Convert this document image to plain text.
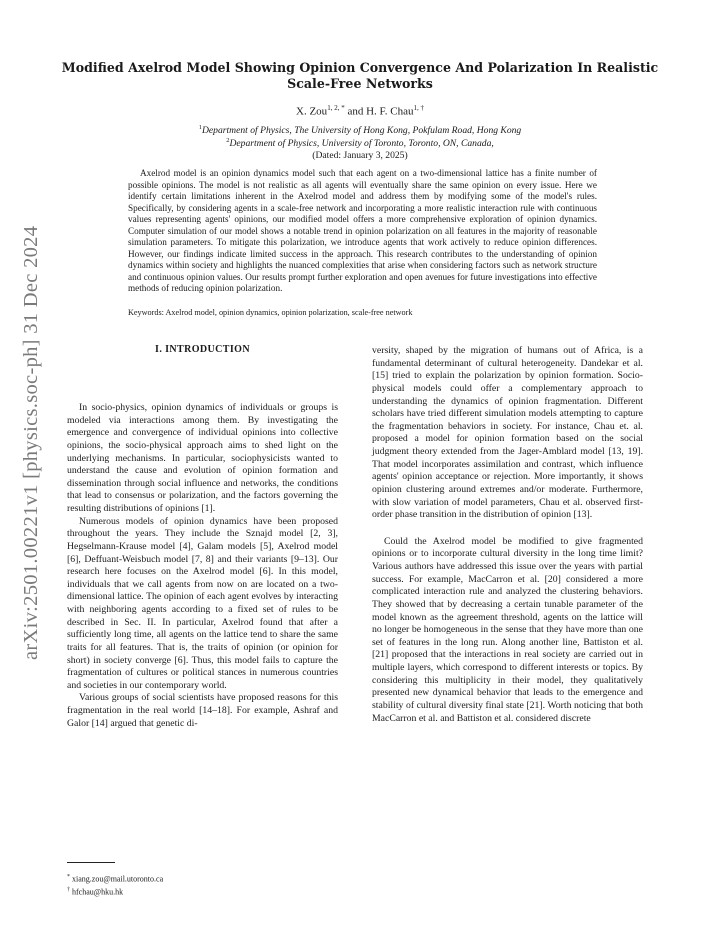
arXiv:2501.00221v1 [physics.soc-ph] 31 Dec 2024
Modified Axelrod Model Showing Opinion Convergence And Polarization In Realistic Scale-Free Networks
X. Zou$^{1, 2, *}$ and H. F. Chau$^{1, \dagger}$
$^1$Department of Physics, The University of Hong Kong, Pokfulam Road, Hong Kong
$^2$Department of Physics, University of Toronto, Toronto, ON, Canada,
(Dated: January 3, 2025)
Axelrod model is an opinion dynamics model such that each agent on a two-dimensional lattice has a finite number of possible opinions. The model is not realistic as all agents will eventually share the same opinion on every issue. Here we identify certain limitations inherent in the Axelrod model and address them by modifying some of the model's rules. Specifically, by considering agents in a scale-free network and incorporating a more realistic interaction rule with continuous values representing agents' opinions, our modified model offers a more comprehensive exploration of opinion dynamics. Computer simulation of our model shows a notable trend in opinion polarization on all features in the majority of reasonable simulation parameters. To mitigate this polarization, we introduce agents that work actively to reduce opinion differences. However, our findings indicate limited success in the approach. This research contributes to the understanding of opinion dynamics within society and highlights the nuanced complexities that arise when considering factors such as network structure and continuous opinion values. Our results prompt further exploration and open avenues for future investigations into effective methods of reducing opinion polarization.
Keywords: Axelrod model, opinion dynamics, opinion polarization, scale-free network
I. INTRODUCTION

In socio-physics, opinion dynamics of individuals or groups is modeled via interactions among them. By investigating the emergence and convergence of individual opinions into collective opinions, the socio-physical approach aims to shed light on the underlying mechanisms. In particular, sociophysicists wanted to understand the cause and evolution of opinion formation and dissemination through social influence and networks, the conditions that lead to consensus or polarization, and the factors governing the resulting distributions of opinions [1].

Numerous models of opinion dynamics have been proposed throughout the years. They include the Sznajd model [2, 3], Hegselmann-Krause model [4], Galam models [5], Axelrod model [6], Deffuant-Weisbuch model [7, 8] and their variants [9–13]. Our research here focuses on the Axelrod model [6]. In this model, individuals that we call agents from now on are located on a two-dimensional lattice. The opinion of each agent evolves by interacting with neighboring agents according to a fixed set of rules to be described in Sec. II. In particular, Axelrod found that after a sufficiently long time, all agents on the lattice tend to share the same traits for all features. That is, the traits of opinion (or opinion for short) in society converge [6]. Thus, this model fails to capture the fragmentation of cultures or political stances in numerous countries and societies in our contemporary world.

Various groups of social scientists have proposed reasons for this fragmentation in the real world [14–18]. For example, Ashraf and Galor [14] argued that genetic di-

versity, shaped by the migration of humans out of Africa, is a fundamental determinant of cultural heterogeneity. Dandekar et al. [15] tried to explain the polarization by opinion formation. Socio-physical models could offer a complementary approach to understanding the dynamics of opinion fragmentation. Different scholars have tried different simulation models attempting to capture the fragmentation behaviors in society. For instance, Chau et. al. proposed a model for opinion formation based on the social judgment theory extended from the Jager-Amblard model [13, 19]. That model incorporates assimilation and contrast, which influence agents' opinion acceptance or rejection. More importantly, it shows opinion clustering around extremes and/or moderate. Furthermore, with slow variation of model parameters, Chau et al. observed first-order phase transition in the distribution of opinion [13].

Could the Axelrod model be modified to give fragmented opinions or to incorporate cultural diversity in the long time limit? Various authors have addressed this issue over the years with partial success. For example, MacCarron et al. [20] considered a more complicated interaction rule and analyzed the clustering behaviors. They showed that by decreasing a certain tunable parameter of the model known as the agreement threshold, agents on the lattice will no longer be homogeneous in the sense that they have more than one set of features in the long run. Along another line, Battiston et al. [21] proposed that the interactions in real society are carried out in multiple layers, which correspond to different interests or topics. By considering this multiplicity in their model, they qualitatively presented new dynamical behavior that leads to the emergence and stability of cultural diversity final state [21]. Worth noticing that both MacCarron et al. and Battiston et al. considered discrete

* xiang.zou@mail.utoronto.ca
† hfchau@hku.hk
